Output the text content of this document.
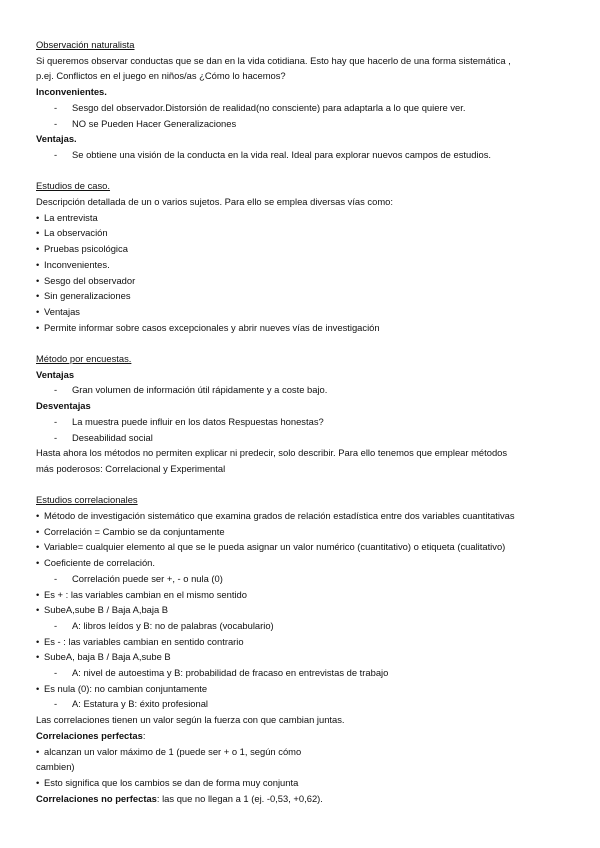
Observación naturalista
Si queremos observar conductas que se dan en la vida cotidiana. Esto hay que hacerlo de una forma sistemática ,
p.ej. Conflictos en el juego en niños/as ¿Cómo lo hacemos?
Inconvenientes.
- Sesgo del observador.Distorsión de realidad(no consciente) para adaptarla a lo que quiere ver.
- NO se Pueden Hacer Generalizaciones
Ventajas.
- Se obtiene una visión de la conducta en la vida real. Ideal para explorar nuevos campos de estudios.
Estudios de caso.
Descripción detallada de un o varios sujetos. Para ello se emplea diversas vías como:
• La entrevista
• La observación
• Pruebas psicológica
• Inconvenientes.
• Sesgo del observador
• Sin generalizaciones
• Ventajas
• Permite informar sobre casos excepcionales y abrir nueves vías de investigación
Método por encuestas.
Ventajas
- Gran volumen de información útil rápidamente y a coste bajo.
Desventajas
- La muestra puede influir en los datos Respuestas honestas?
- Deseabilidad social
Hasta ahora los métodos no permiten explicar ni predecir, solo describir. Para ello tenemos que emplear métodos
más poderosos: Correlacional y Experimental
Estudios correlacionales
• Método de investigación sistemático que examina grados de relación estadística entre dos variables cuantitativas
• Correlación = Cambio se da conjuntamente
• Variable= cualquier elemento al que se le pueda asignar un valor numérico (cuantitativo) o etiqueta (cualitativo)
• Coeficiente de correlación.
- Correlación puede ser +, - o nula (0)
• Es + : las variables cambian en el mismo sentido
• SubeA,sube B / Baja A,baja B
- A: libros leídos y B: no de palabras (vocabulario)
• Es - : las variables cambian en sentido contrario
• SubeA, baja B / Baja A,sube B
- A: nivel de autoestima y B: probabilidad de fracaso en entrevistas de trabajo
• Es nula (0): no cambian conjuntamente
- A: Estatura y B: éxito profesional
Las correlaciones tienen un valor según la fuerza con que cambian juntas.
Correlaciones perfectas:
• alcanzan un valor máximo de 1 (puede ser + o 1, según cómo
cambien)
• Esto significa que los cambios se dan de forma muy conjunta
Correlaciones no perfectas: las que no llegan a 1 (ej. -0,53, +0,62).
